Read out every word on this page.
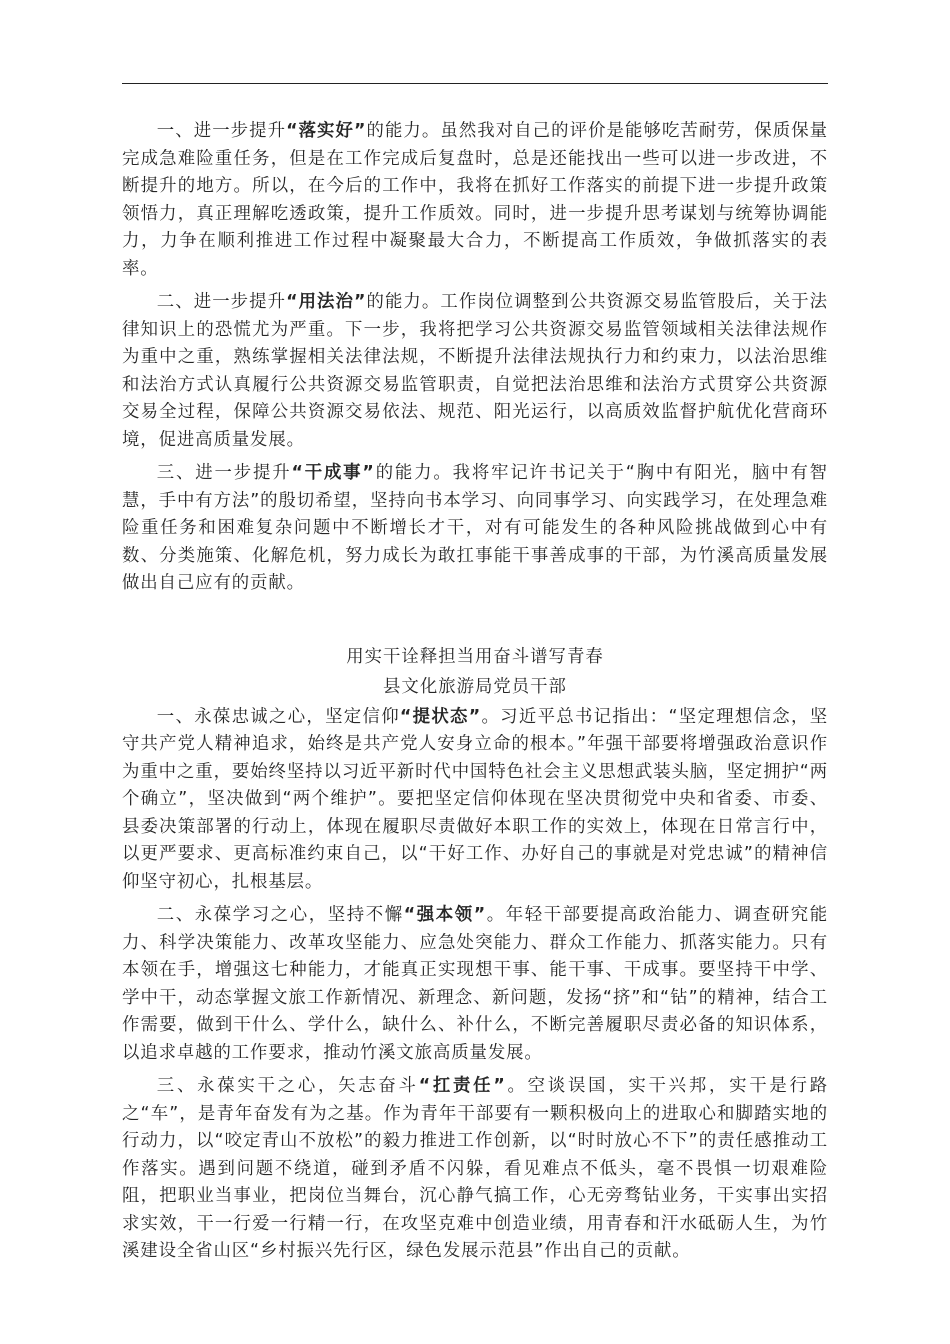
一、进一步提升“落实好”的能力。虽然我对自己的评价是能够吃苦耐劳，保质保量完成急难险重任务，但是在工作完成后复盘时，总是还能找出一些可以进一步改进，不断提升的地方。所以，在今后的工作中，我将在抓好工作落实的前提下进一步提升政策领悟力，真正理解吃透政策，提升工作质效。同时，进一步提升思考谋划与统筹协调能力，力争在顺利推进工作过程中凝聚最大合力，不断提高工作质效，争做抓落实的表率。

二、进一步提升“用法治”的能力。工作岗位调整到公共资源交易监管股后，关于法律知识上的恐慌尤为严重。下一步，我将把学习公共资源交易监管领域相关法律法规作为重中之重，熟练掌握相关法律法规，不断提升法律法规执行力和约束力，以法治思维和法治方式认真履行公共资源交易监管职责，自觉把法治思维和法治方式贯穿公共资源交易全过程，保障公共资源交易依法、规范、阳光运行，以高质效监督护航优化营商环境，促进高质量发展。

三、进一步提升“干成事”的能力。我将牢记许书记关于“胸中有阳光，脑中有智慧，手中有方法”的殷切希望，坚持向书本学习、向同事学习、向实践学习，在处理急难险重任务和困难复杂问题中不断增长才干，对有可能发生的各种风险挑战做到心中有数、分类施策、化解危机，努力成长为敢扛事能干事善成事的干部，为竹溪高质量发展做出自己应有的贡献。

用实干诠释担当用奋斗谱写青春

县文化旅游局党员干部

一、永葆忠诚之心，坚定信仰“提状态”。习近平总书记指出：“坚定理想信念，坚守共产党人精神追求，始终是共产党人安身立命的根本。”年强干部要将增强政治意识作为重中之重，要始终坚持以习近平新时代中国特色社会主义思想武装头脑，坚定拥护“两个确立”，坚决做到“两个维护”。要把坚定信仰体现在坚决贯彻党中央和省委、市委、县委决策部署的行动上，体现在履职尽责做好本职工作的实效上，体现在日常言行中，以更严要求、更高标准约束自己，以“干好工作、办好自己的事就是对党忠诚”的精神信仰坚守初心，扎根基层。

二、永葆学习之心，坚持不懈“强本领”。年轻干部要提高政治能力、调查研究能力、科学决策能力、改革攻坚能力、应急处突能力、群众工作能力、抓落实能力。只有本领在手，增强这七种能力，才能真正实现想干事、能干事、干成事。要坚持干中学、学中干，动态掌握文旅工作新情况、新理念、新问题，发扬“挤”和“钻”的精神，结合工作需要，做到干什么、学什么，缺什么、补什么，不断完善履职尽责必备的知识体系，以追求卓越的工作要求，推动竹溪文旅高质量发展。

三、永葆实干之心，矢志奋斗“扛责任”。空谈误国，实干兴邦，实干是行路之“车”，是青年奋发有为之基。作为青年干部要有一颗积极向上的进取心和脚踏实地的行动力，以“咬定青山不放松”的毅力推进工作创新，以“时时放心不下”的责任感推动工作落实。遇到问题不绕道，碰到矛盾不闪躲，看见难点不低头，毫不畏惧一切艰难险阻，把职业当事业，把岗位当舞台，沉心静气搞工作，心无旁骛钻业务，干实事出实招求实效，干一行爱一行精一行，在攻坚克难中创造业绩，用青春和汗水砥砺人生，为竹溪建设全省山区“乡村振兴先行区，绿色发展示范县”作出自己的贡献。
